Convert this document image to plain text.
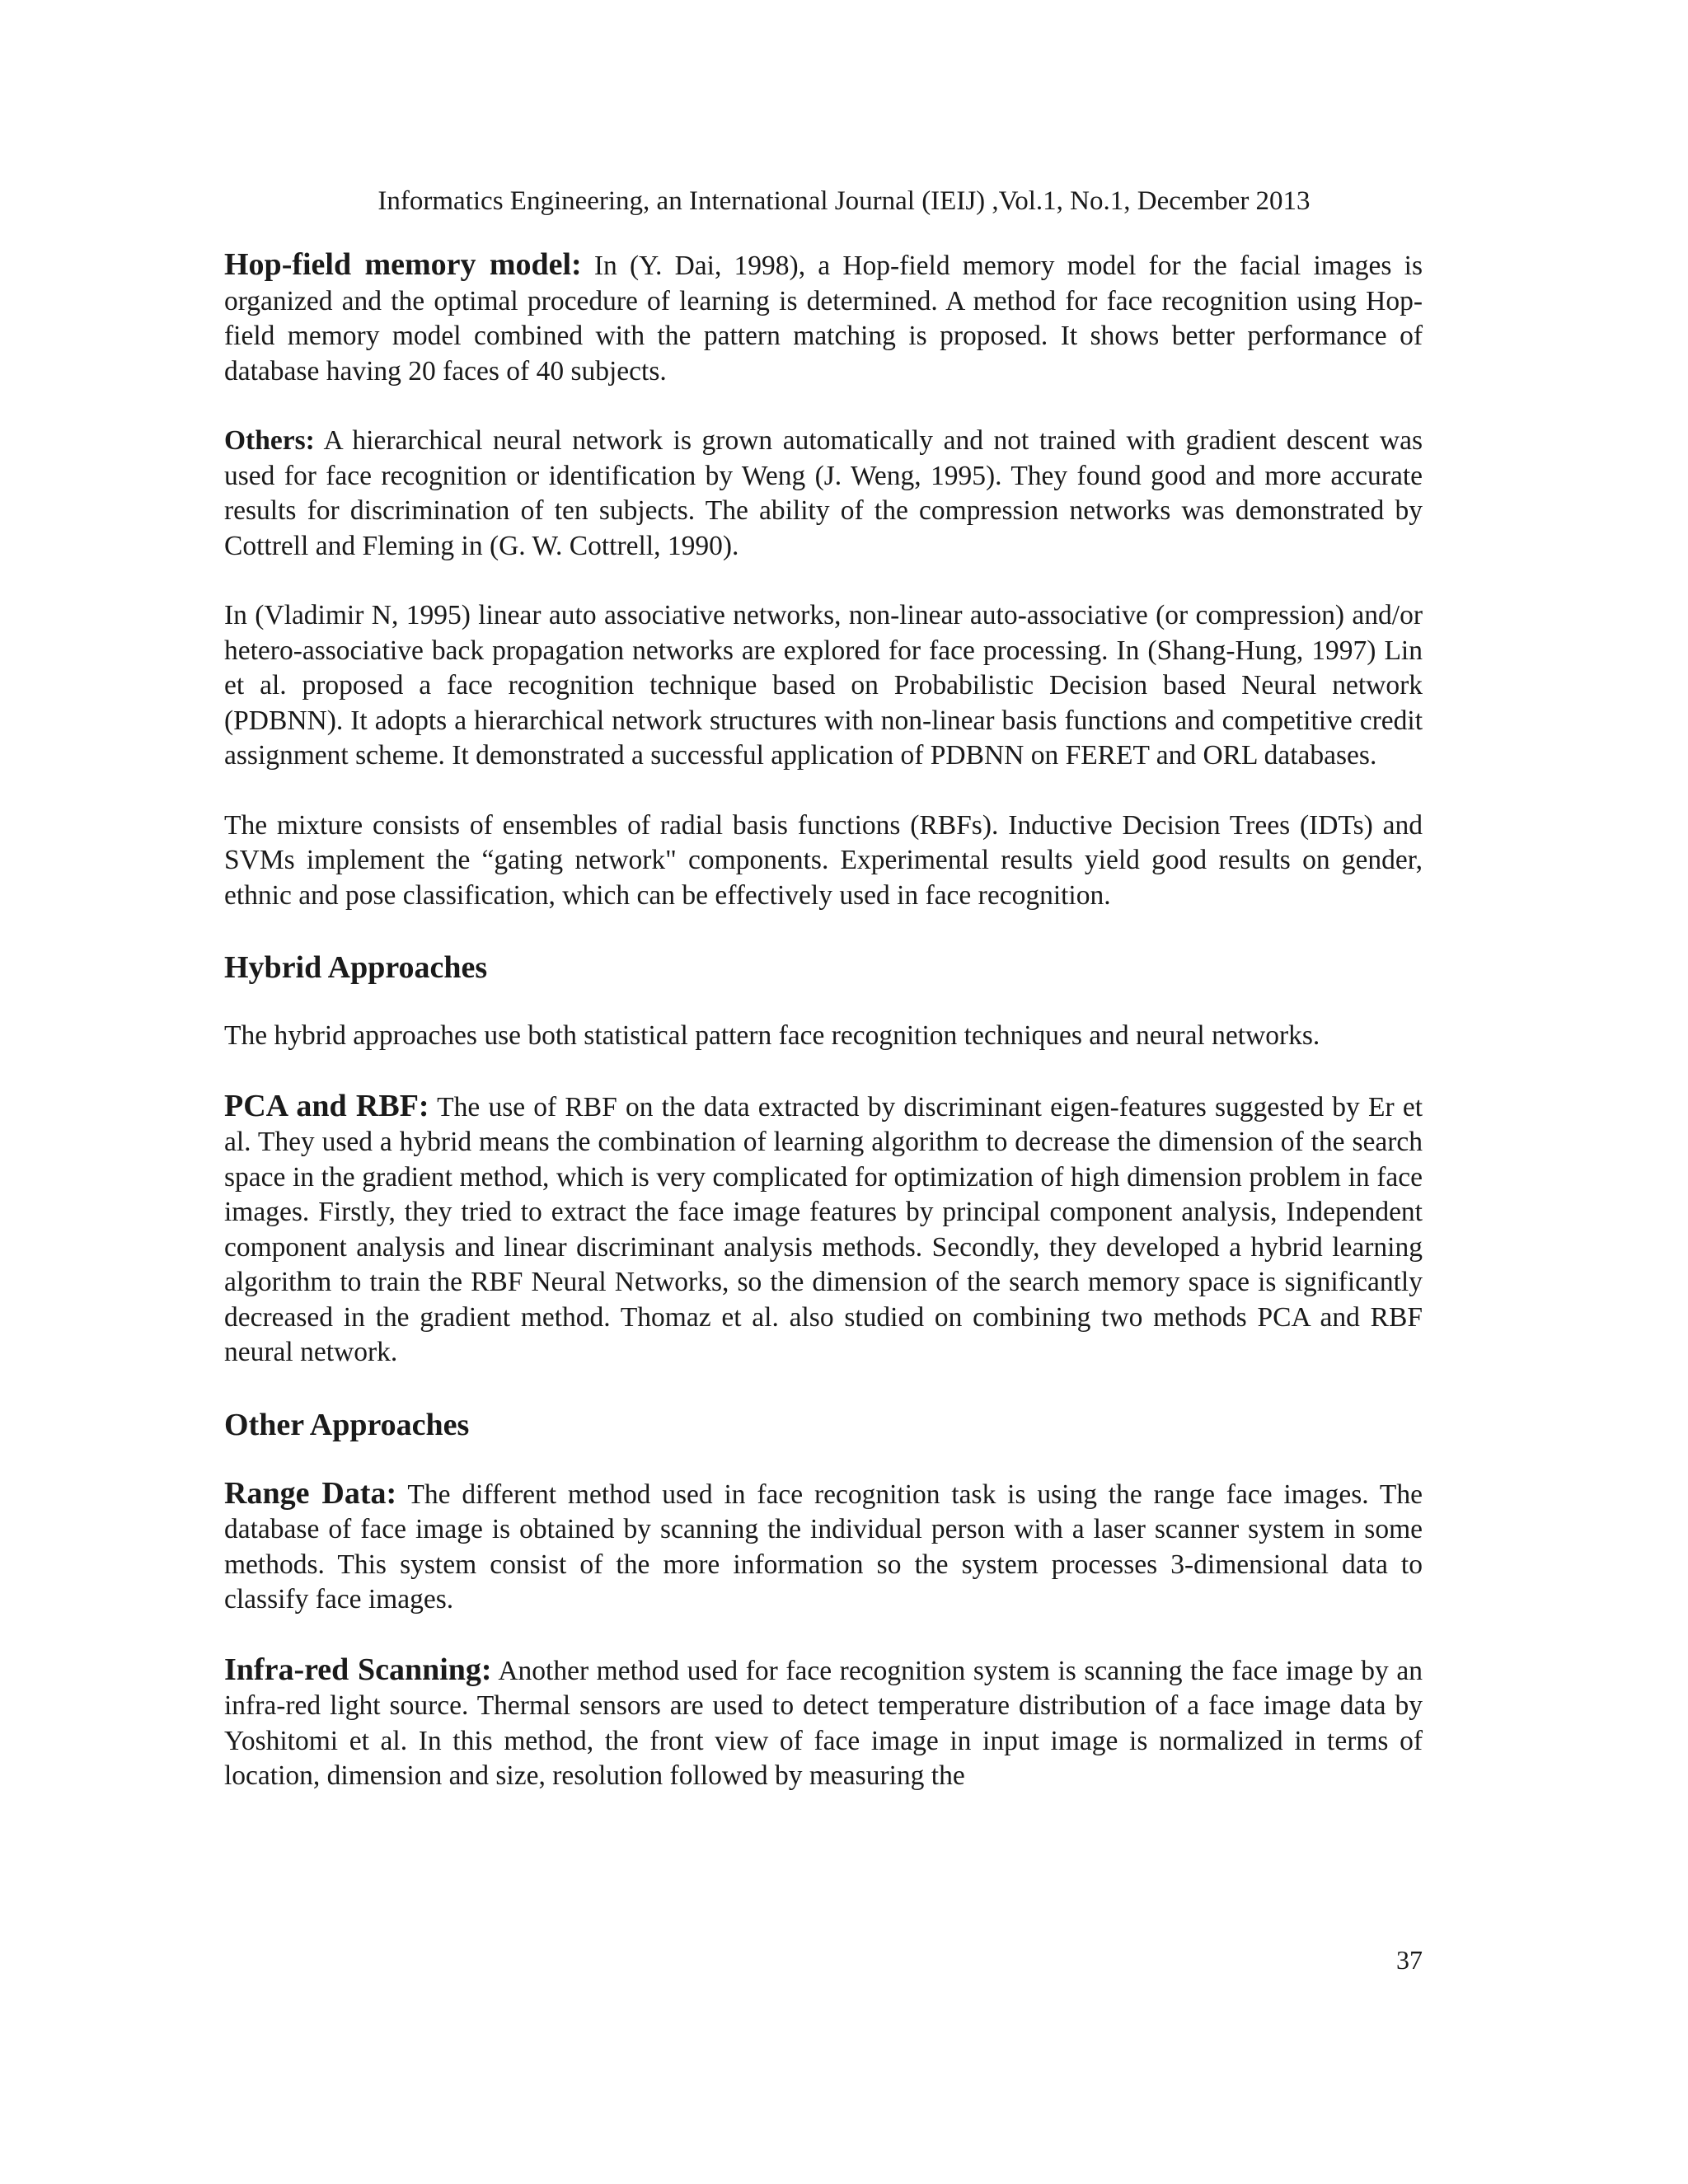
Informatics Engineering, an International Journal (IEIJ) ,Vol.1, No.1, December 2013

Hop-field memory model: In (Y. Dai, 1998), a Hop-field memory model for the facial images is organized and the optimal procedure of learning is determined. A method for face recognition using Hop-field memory model combined with the pattern matching is proposed. It shows better performance of database having 20 faces of 40 subjects.

Others: A hierarchical neural network is grown automatically and not trained with gradient descent was used for face recognition or identification by Weng (J. Weng, 1995). They found good and more accurate results for discrimination of ten subjects. The ability of the compression networks was demonstrated by Cottrell and Fleming in (G. W. Cottrell, 1990).

In (Vladimir N, 1995) linear auto associative networks, non-linear auto-associative (or compression) and/or hetero-associative back propagation networks are explored for face processing. In (Shang-Hung, 1997) Lin et al. proposed a face recognition technique based on Probabilistic Decision based Neural network (PDBNN). It adopts a hierarchical network structures with non-linear basis functions and competitive credit assignment scheme. It demonstrated a successful application of PDBNN on FERET and ORL databases.

The mixture consists of ensembles of radial basis functions (RBFs). Inductive Decision Trees (IDTs) and SVMs implement the “gating network" components. Experimental results yield good results on gender, ethnic and pose classification, which can be effectively used in face recognition.

Hybrid Approaches

The hybrid approaches use both statistical pattern face recognition techniques and neural networks.

PCA and RBF: The use of RBF on the data extracted by discriminant eigen-features suggested by Er et al. They used a hybrid means the combination of learning algorithm to decrease the dimension of the search space in the gradient method, which is very complicated for optimization of high dimension problem in face images. Firstly, they tried to extract the face image features by principal component analysis, Independent component analysis and linear discriminant analysis methods. Secondly, they developed a hybrid learning algorithm to train the RBF Neural Networks, so the dimension of the search memory space is significantly decreased in the gradient method. Thomaz et al. also studied on combining two methods PCA and RBF neural network.

Other Approaches

Range Data: The different method used in face recognition task is using the range face images. The database of face image is obtained by scanning the individual person with a laser scanner system in some methods. This system consist of the more information so the system processes 3-dimensional data to classify face images.

Infra-red Scanning: Another method used for face recognition system is scanning the face image by an infra-red light source. Thermal sensors are used to detect temperature distribution of a face image data by Yoshitomi et al. In this method, the front view of face image in input image is normalized in terms of location, dimension and size, resolution followed by measuring the

37
